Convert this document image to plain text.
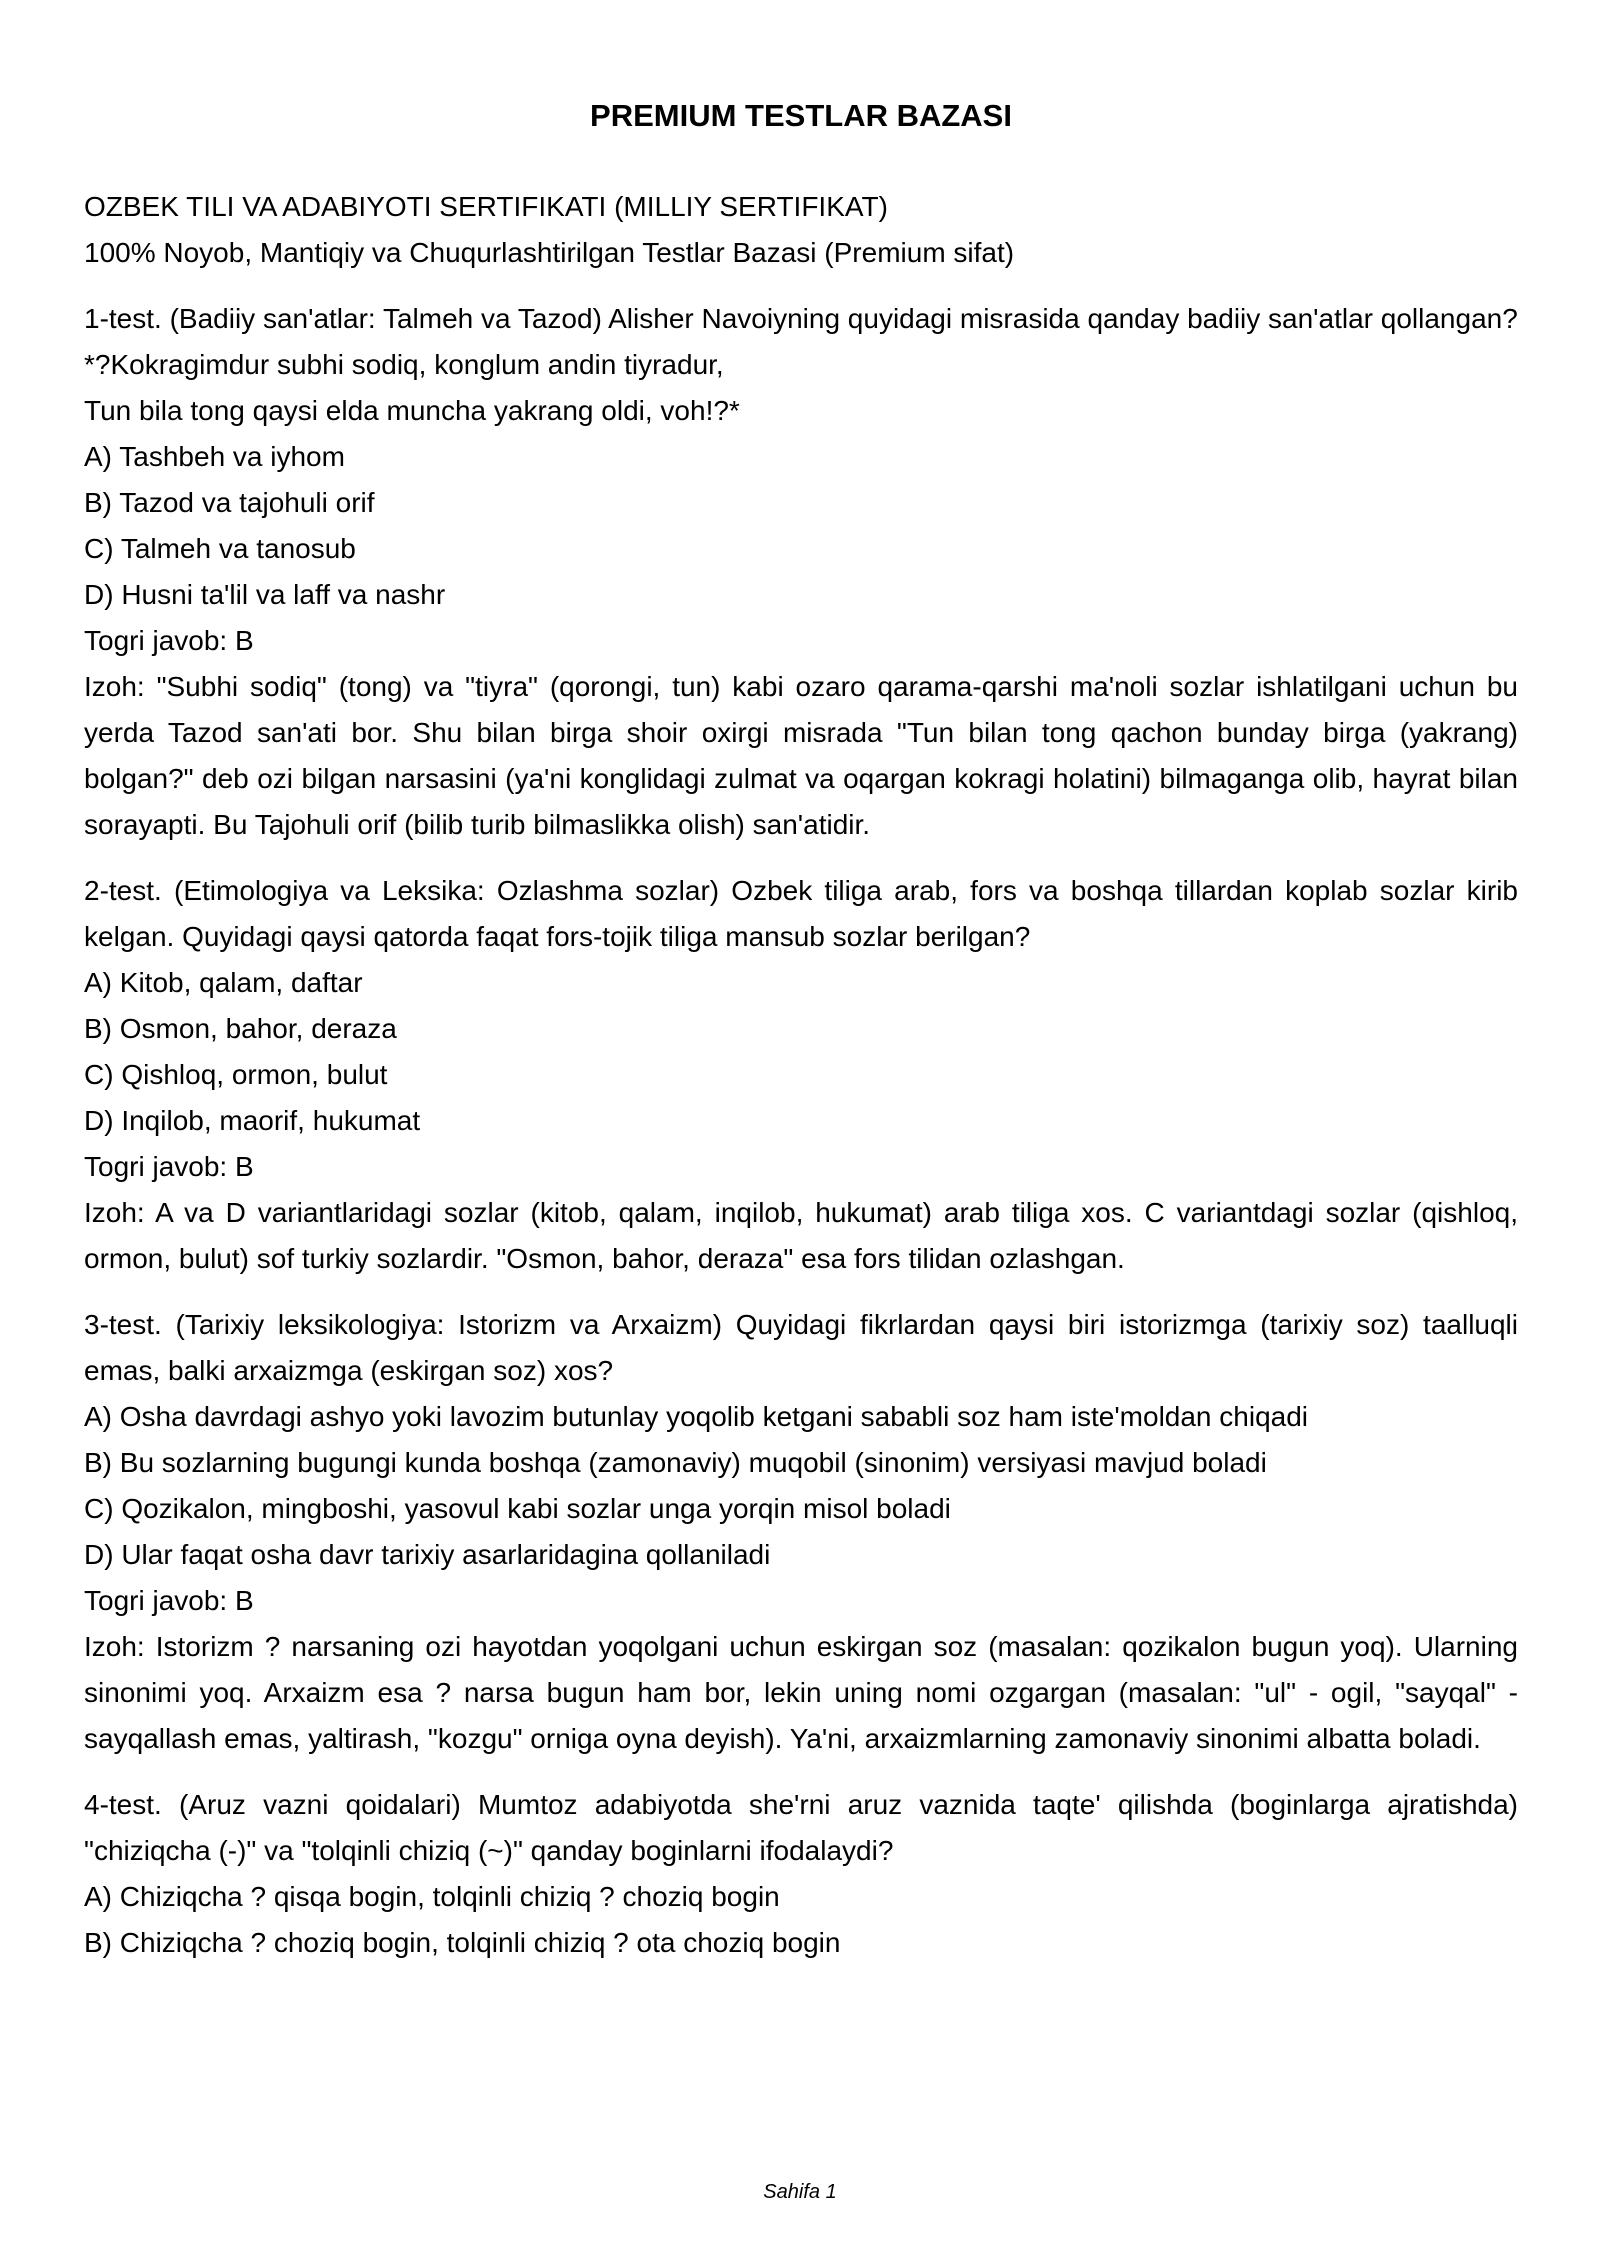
PREMIUM TESTLAR BAZASI

OZBEK TILI VA ADABIYOTI SERTIFIKATI (MILLIY SERTIFIKAT)

100% Noyob, Mantiqiy va Chuqurlashtirilgan Testlar Bazasi (Premium sifat)

1-test. (Badiiy san'atlar: Talmeh va Tazod) Alisher Navoiyning quyidagi misrasida qanday badiiy san'atlar qollangan?

*?Kokragimdur subhi sodiq, konglum andin tiyradur,

Tun bila tong qaysi elda muncha yakrang oldi, voh!?*

A) Tashbeh va iyhom

B) Tazod va tajohuli orif

C) Talmeh va tanosub

D) Husni ta'lil va laff va nashr

Togri javob: B

Izoh: "Subhi sodiq" (tong) va "tiyra" (qorongi, tun) kabi ozaro qarama-qarshi ma'noli sozlar ishlatilgani uchun bu yerda Tazod san'ati bor. Shu bilan birga shoir oxirgi misrada "Tun bilan tong qachon bunday birga (yakrang) bolgan?" deb ozi bilgan narsasini (ya'ni konglidagi zulmat va oqargan kokragi holatini) bilmaganga olib, hayrat bilan sorayapti. Bu Tajohuli orif (bilib turib bilmaslikka olish) san'atidir.

2-test. (Etimologiya va Leksika: Ozlashma sozlar) Ozbek tiliga arab, fors va boshqa tillardan koplab sozlar kirib kelgan. Quyidagi qaysi qatorda faqat fors-tojik tiliga mansub sozlar berilgan?

A) Kitob, qalam, daftar

B) Osmon, bahor, deraza

C) Qishloq, ormon, bulut

D) Inqilob, maorif, hukumat

Togri javob: B

Izoh: A va D variantlaridagi sozlar (kitob, qalam, inqilob, hukumat) arab tiliga xos. C variantdagi sozlar (qishloq, ormon, bulut) sof turkiy sozlardir. "Osmon, bahor, deraza" esa fors tilidan ozlashgan.

3-test. (Tarixiy leksikologiya: Istorizm va Arxaizm) Quyidagi fikrlardan qaysi biri istorizmga (tarixiy soz) taalluqli emas, balki arxaizmga (eskirgan soz) xos?

A) Osha davrdagi ashyo yoki lavozim butunlay yoqolib ketgani sababli soz ham iste'moldan chiqadi

B) Bu sozlarning bugungi kunda boshqa (zamonaviy) muqobil (sinonim) versiyasi mavjud boladi

C) Qozikalon, mingboshi, yasovul kabi sozlar unga yorqin misol boladi

D) Ular faqat osha davr tarixiy asarlaridagina qollaniladi

Togri javob: B

Izoh: Istorizm ? narsaning ozi hayotdan yoqolgani uchun eskirgan soz (masalan: qozikalon bugun yoq). Ularning sinonimi yoq. Arxaizm esa ? narsa bugun ham bor, lekin uning nomi ozgargan (masalan: "ul" - ogil, "sayqal" - sayqallash emas, yaltirash, "kozgu" orniga oyna deyish). Ya'ni, arxaizmlarning zamonaviy sinonimi albatta boladi.

4-test. (Aruz vazni qoidalari) Mumtoz adabiyotda she'rni aruz vaznida taqte' qilishda (boginlarga ajratishda) "chiziqcha (-)" va "tolqinli chiziq (~)" qanday boginlarni ifodalaydi?

A) Chiziqcha ? qisqa bogin, tolqinli chiziq ? choziq bogin

B) Chiziqcha ? choziq bogin, tolqinli chiziq ? ota choziq bogin

Sahifa 1
